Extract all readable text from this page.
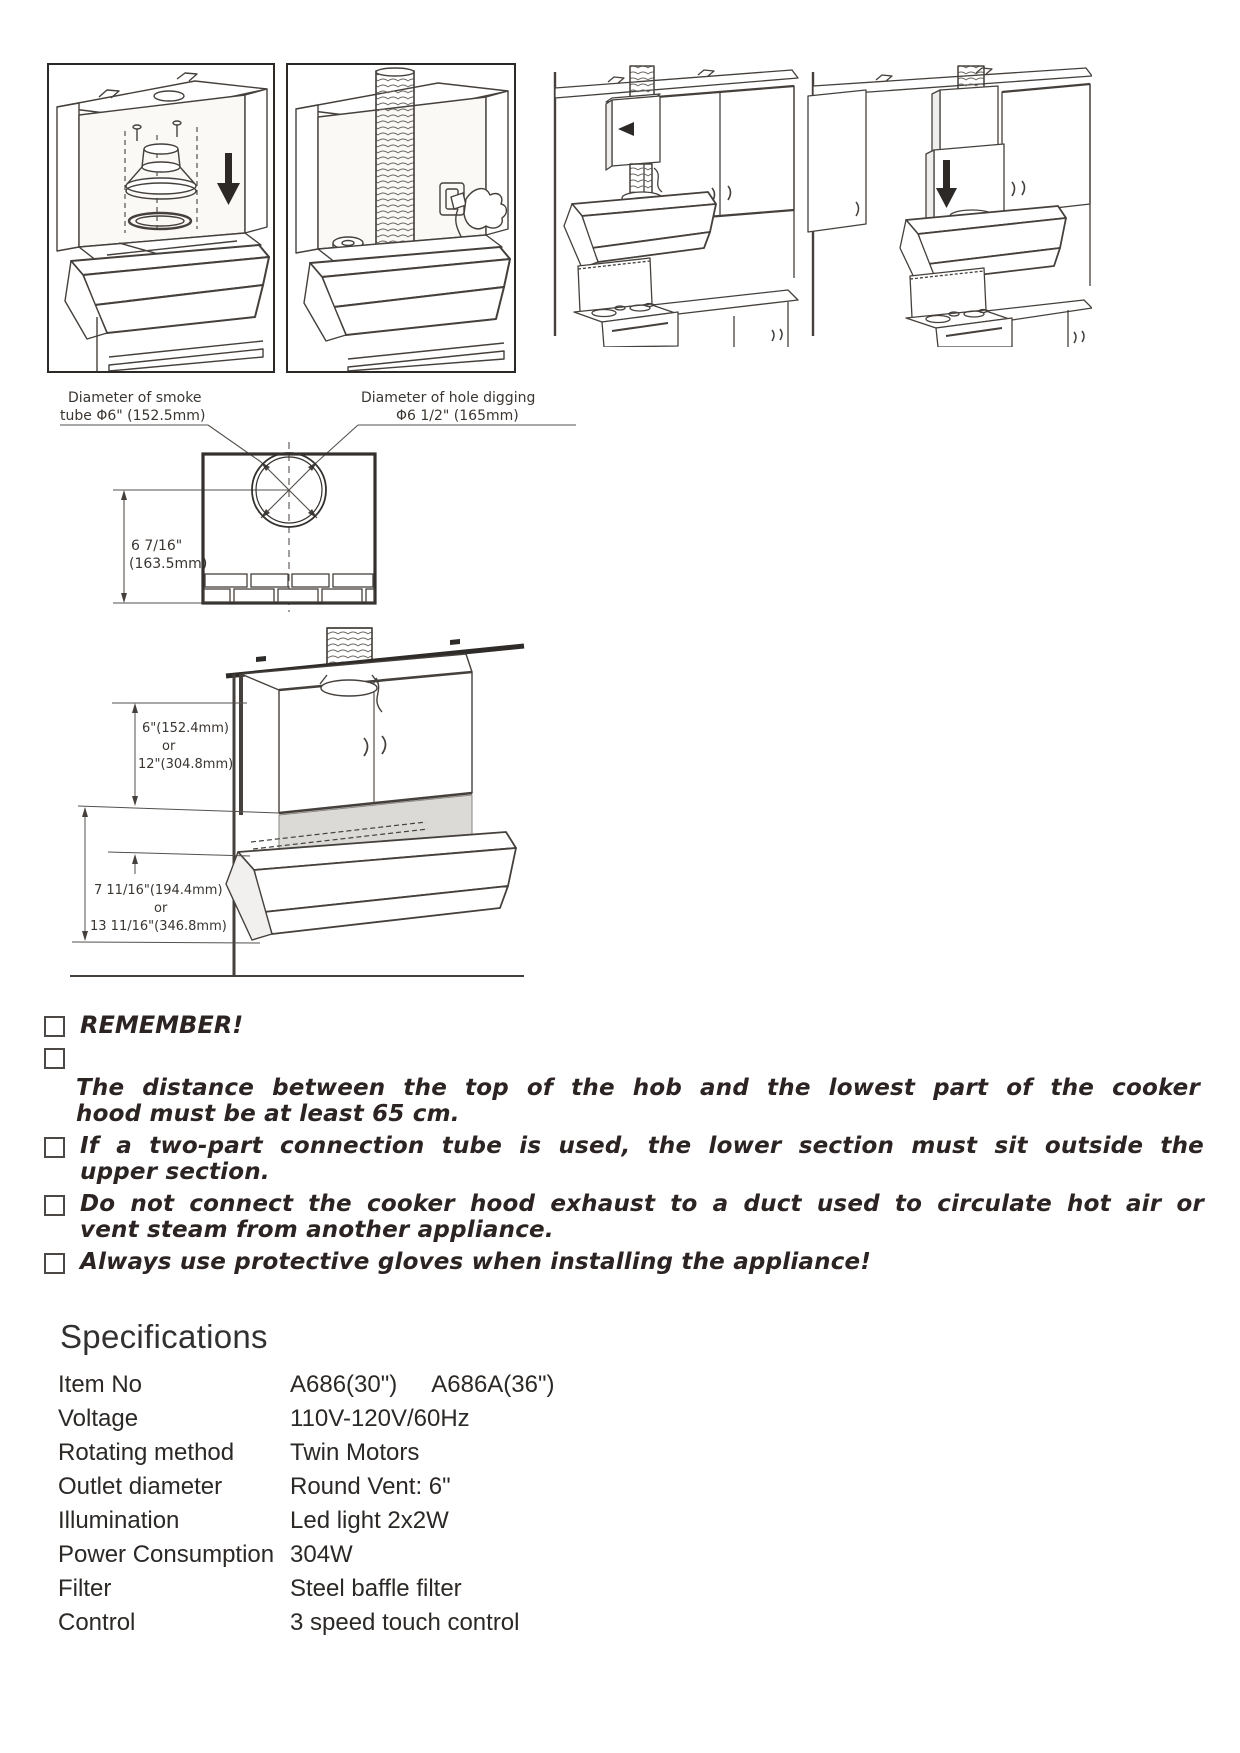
Diameter of smoke
tube Φ6" (152.5mm)
Diameter of hole digging
Φ6 1/2" (165mm)
6 7/16"
(163.5mm)
6"(152.4mm)
or
12"(304.8mm)
7 11/16"(194.4mm)
or
13 11/16"(346.8mm)
REMEMBER!
The distance between the top of the hob and the lowest part of the cooker
hood must be at least 65 cm.
If a two-part connection tube is used, the lower section must sit outside the
upper section.
Do not connect the cooker hood exhaust to a duct used to circulate hot air or
vent steam from another appliance.
Always use protective gloves when installing the appliance!
Specifications
Item No	A686(30") A686A(36")
Voltage	110V-120V/60Hz
Rotating method	Twin Motors
Outlet diameter	Round Vent: 6"
Illumination	Led light 2x2W
Power Consumption 304W
Filter	Steel baffle filter
Control	3 speed touch control
